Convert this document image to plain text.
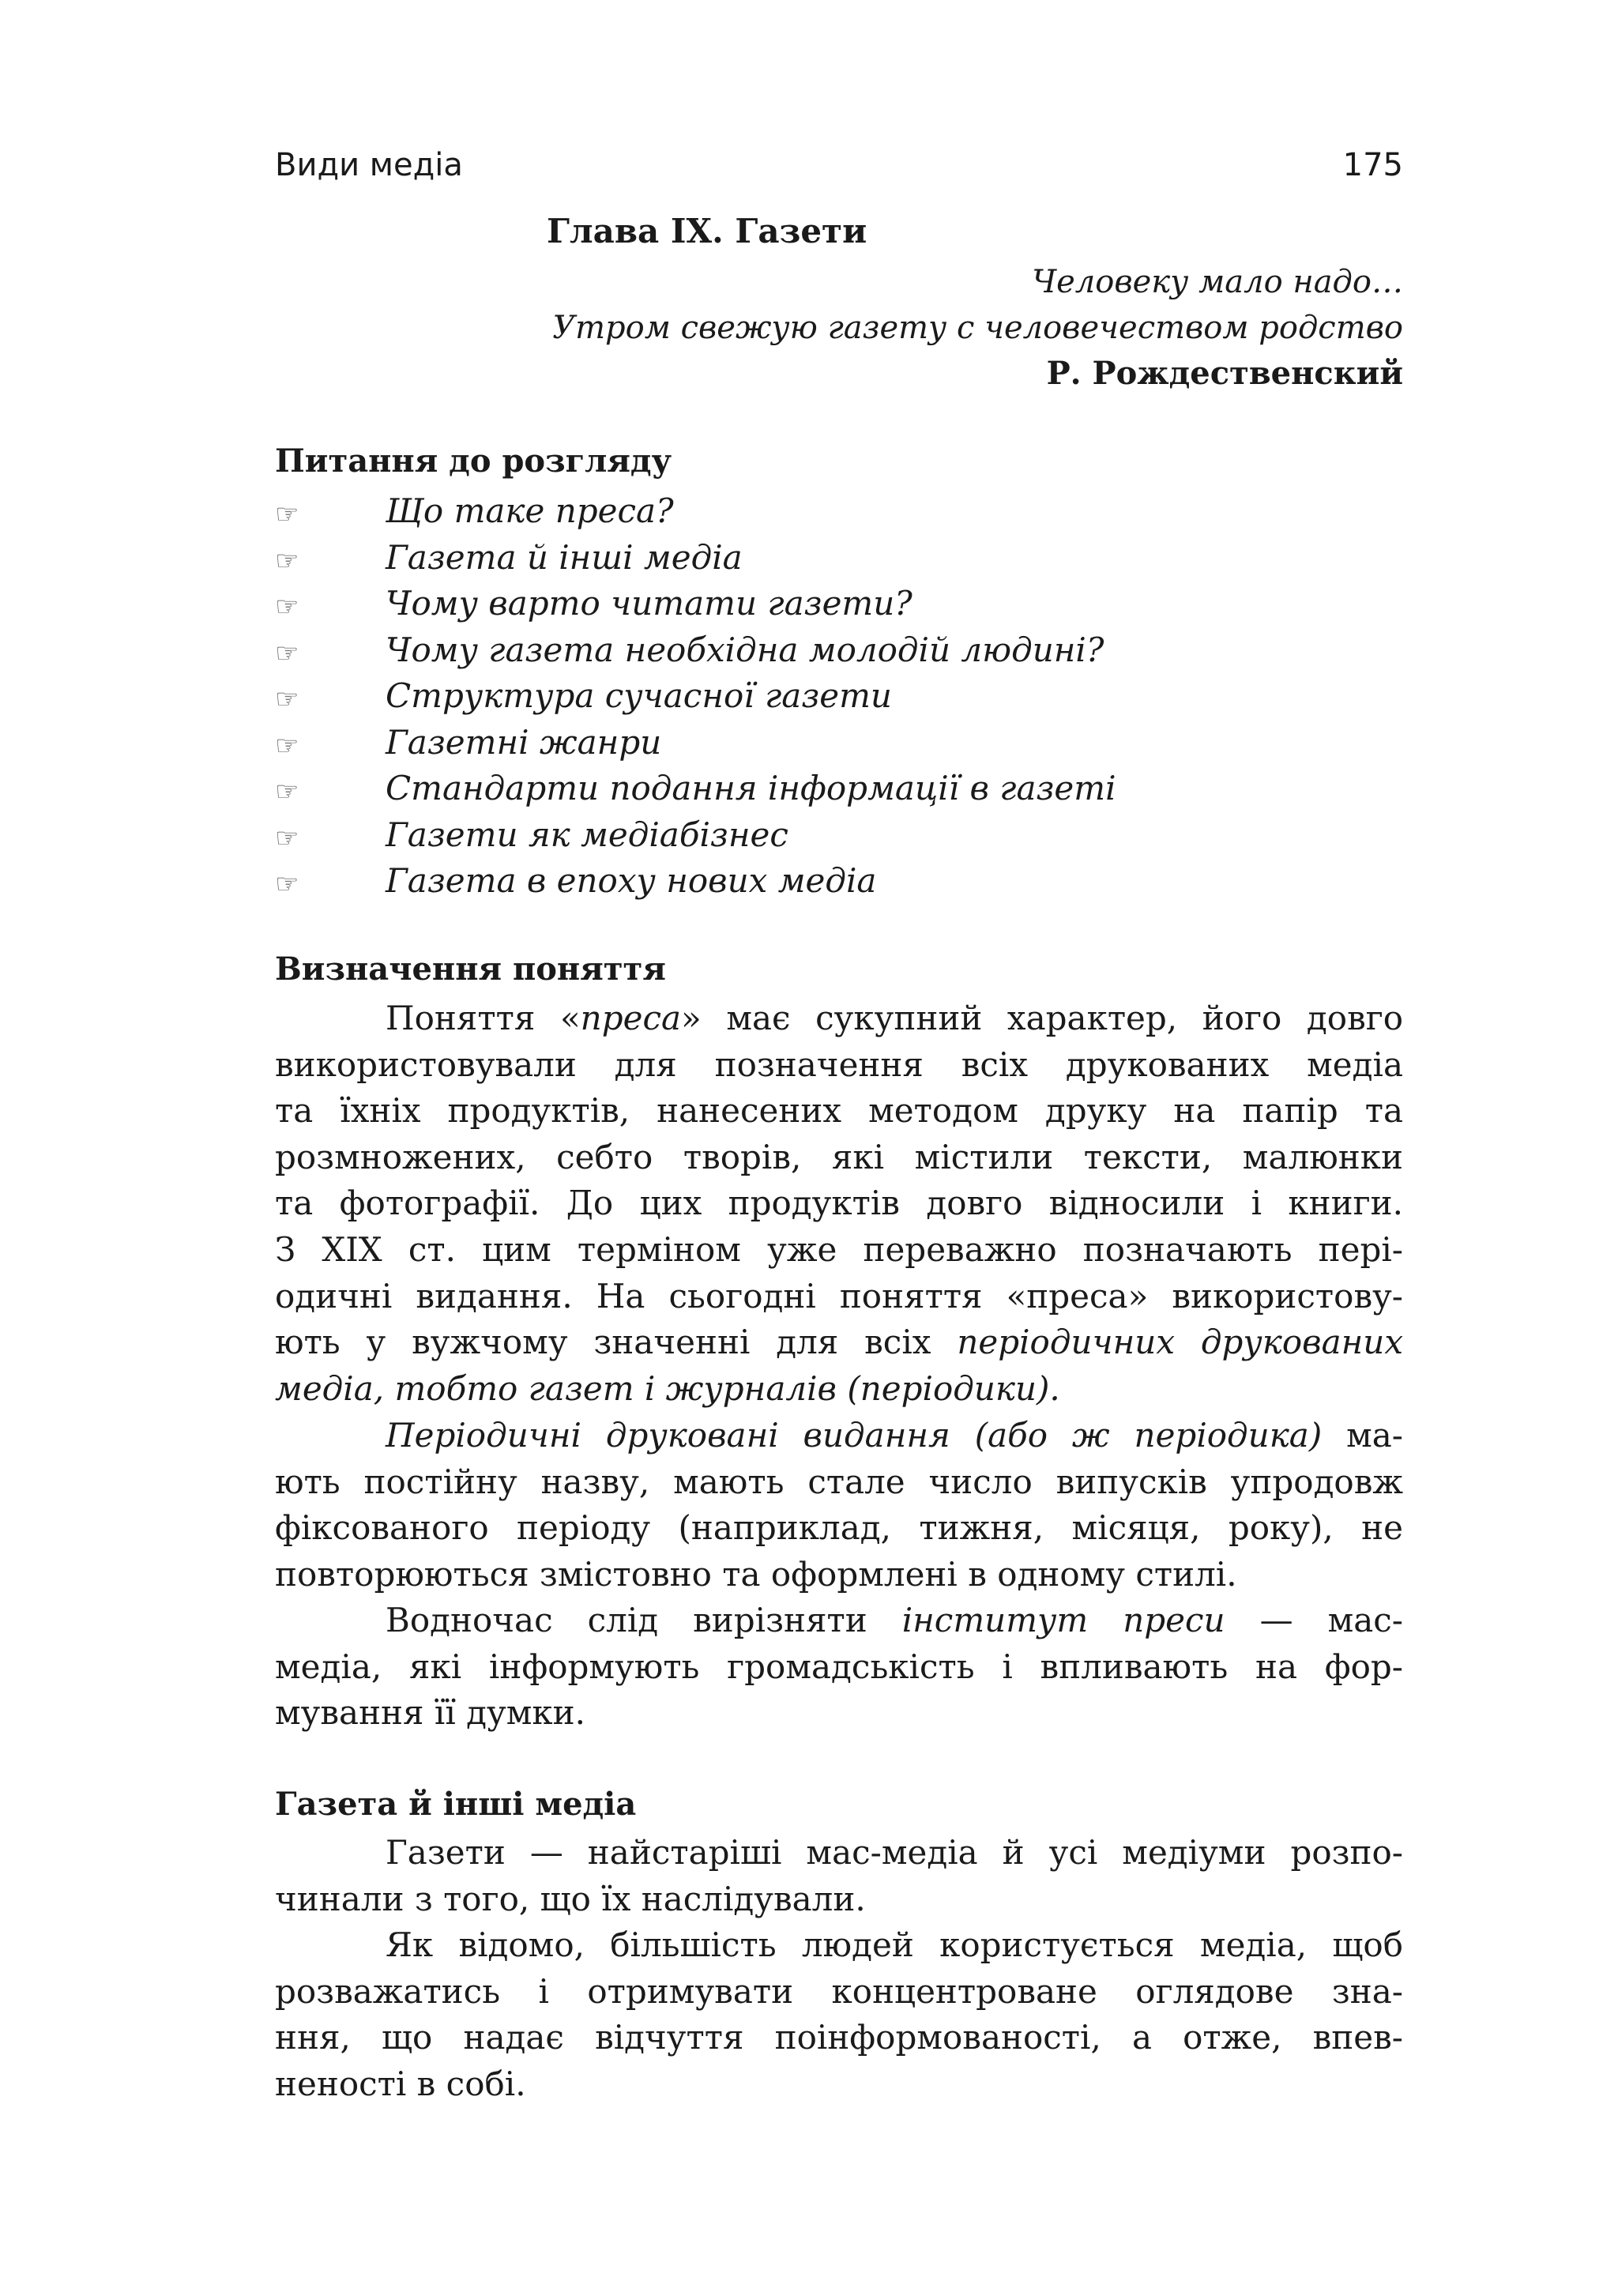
Види медіа	175
Глава IX. Газети
Человеку мало надо…
Утром свежую газету с человечеством родство
Р. Рождественский
Питання до розгляду
☞	Що таке преса?
☞	Газета й інші медіа
☞	Чому варто читати газети?
☞	Чому газета необхідна молодій людині?
☞	Структура сучасної газети
☞	Газетні жанри
☞	Стандарти подання інформації в газеті
☞	Газети як медіабізнес
☞	Газета в епоху нових медіа
Визначення поняття
Поняття «преса» має сукупний характер, його довго
використовували для позначення всіх друкованих медіа
та їхніх продуктів, нанесених методом друку на папір та
розмножених, себто творів, які містили тексти, малюнки
та фотографії. До цих продуктів довго відносили і книги.
З XIX ст. цим терміном уже переважно позначають пері-
одичні видання. На сьогодні поняття «преса» використову-
ють у вужчому значенні для всіх періодичних друкованих
медіа, тобто газет і журналів (періодики).
Періодичні друковані видання (або ж періодика) ма-
ють постійну назву, мають стале число випусків упродовж
фіксованого періоду (наприклад, тижня, місяця, року), не
повторюються змістовно та оформлені в одному стилі.
Водночас слід вирізняти інститут преси — мас-
медіа, які інформують громадськість і впливають на фор-
мування її думки.
Газета й інші медіа
Газети — найстаріші мас-медіа й усі медіуми розпо-
чинали з того, що їх наслідували.
Як відомо, більшість людей користується медіа, щоб
розважатись і отримувати концентроване оглядове зна-
ння, що надає відчуття поінформованості, а отже, впев-
неності в собі.
